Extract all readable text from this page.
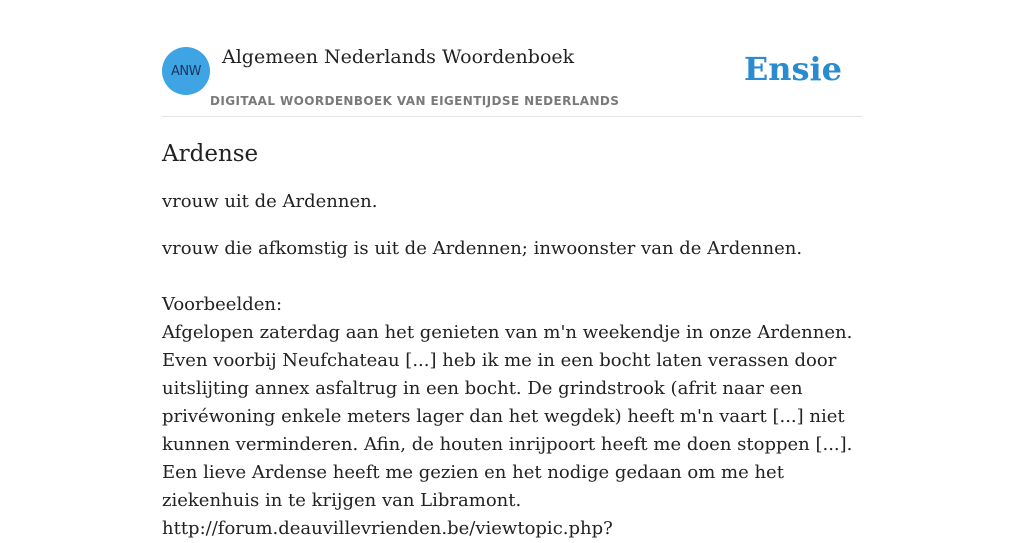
ANW
Algemeen Nederlands Woordenboek
DIGITAAL WOORDENBOEK VAN EIGENTIJDSE NEDERLANDS
Ensie
Ardense

vrouw uit de Ardennen.

vrouw die afkomstig is uit de Ardennen; inwoonster van de Ardennen.

Voorbeelden:

Afgelopen zaterdag aan het genieten van m'n weekendje in onze Ardennen. Even voorbij Neufchateau [...] heb ik me in een bocht laten verassen door uitslijting annex asfaltrug in een bocht. De grindstrook (afrit naar een privéwoning enkele meters lager dan het wegdek) heeft m'n vaart [...] niet kunnen verminderen. Afin, de houten inrijpoort heeft me doen stoppen [...]. Een lieve Ardense heeft me gezien en het nodige gedaan om me het ziekenhuis in te krijgen van Libramont.

http://forum.deauvillevrienden.be/viewtopic.php?
